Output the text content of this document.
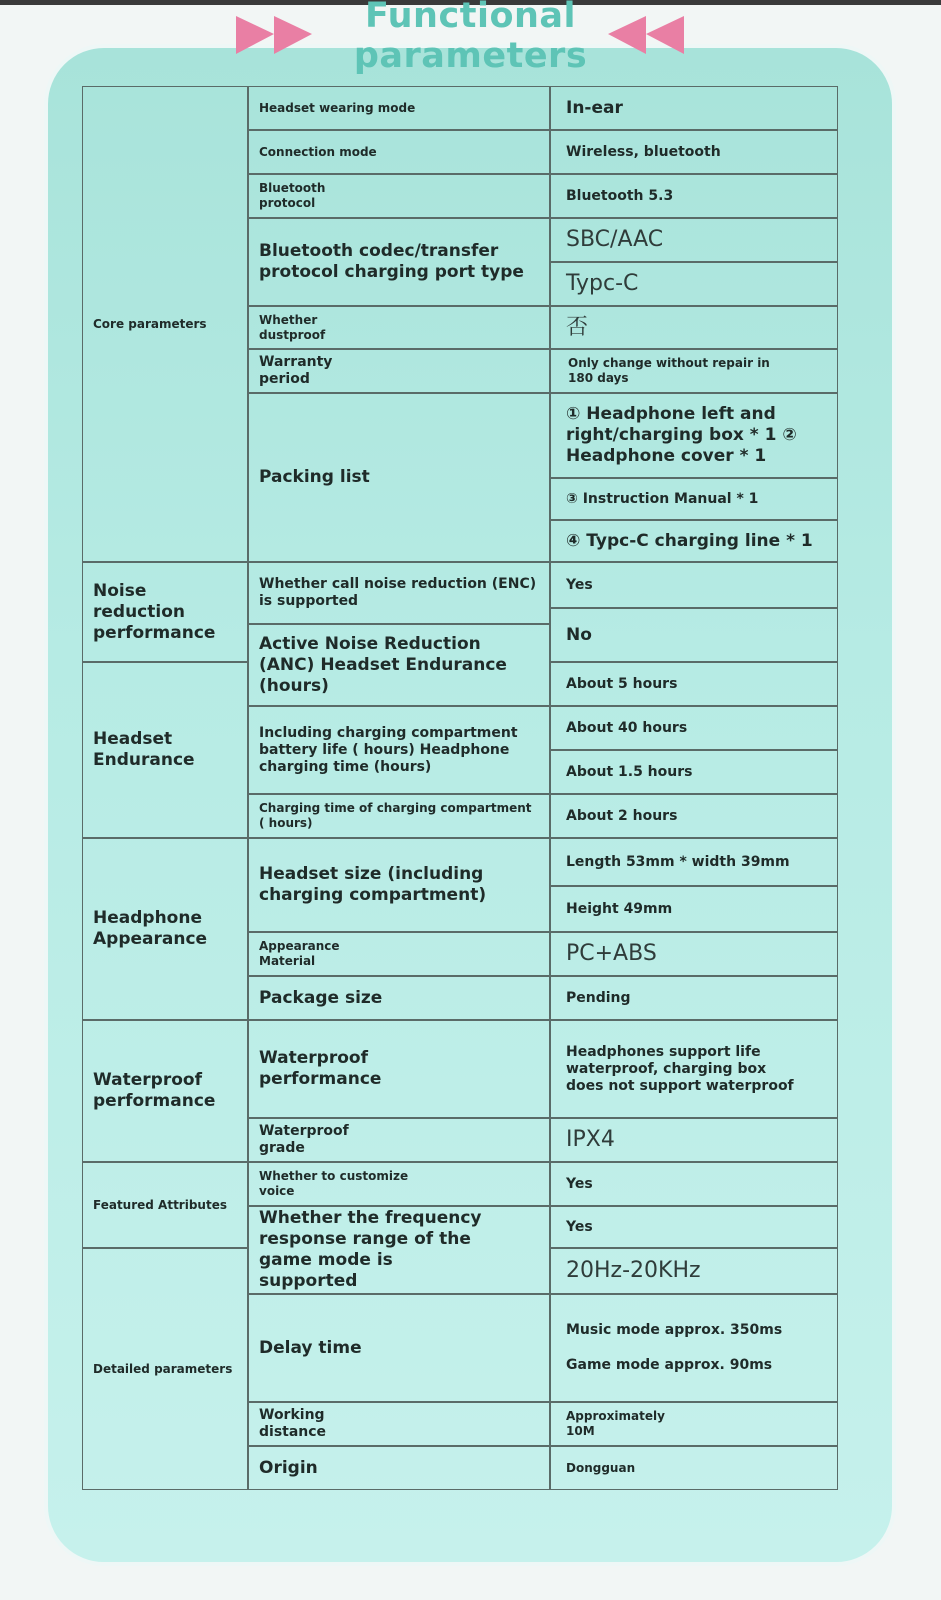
Functional
parameters
Core parameters
Noise reduction performance
Headset Endurance
Headphone Appearance
Waterproof performance
Featured Attributes
Detailed parameters
Headset wearing mode
Connection mode
Bluetooth protocol
Bluetooth codec/transfer protocol charging port type
Whether dustproof
Warranty period
Packing list
Whether call noise reduction (ENC) is supported
Active Noise Reduction (ANC) Headset Endurance (hours)
Including charging compartment battery life ( hours) Headphone charging time (hours)
Charging time of charging compartment ( hours)
Headset size (including charging compartment)
Appearance Material
Package size
Waterproof performance
Waterproof grade
Whether to customize voice
Whether the frequency response range of the game mode is supported
Delay time
Working distance
Origin
In-ear
Wireless, bluetooth
Bluetooth 5.3
SBC/AAC
Typc-C
否
Only change without repair in 180 days
① Headphone left and right/charging box * 1 ② Headphone cover * 1
③ Instruction Manual * 1
④ Typc-C charging line * 1
Yes
No
About 5 hours
About 40 hours
About 1.5 hours
About 2 hours
Length 53mm * width 39mm
Height 49mm
PC+ABS
Pending
Headphones support life waterproof, charging box does not support waterproof
IPX4
Yes
Yes
20Hz-20KHz
Music mode approx. 350ms
Game mode approx. 90ms
Approximately 10M
Dongguan
